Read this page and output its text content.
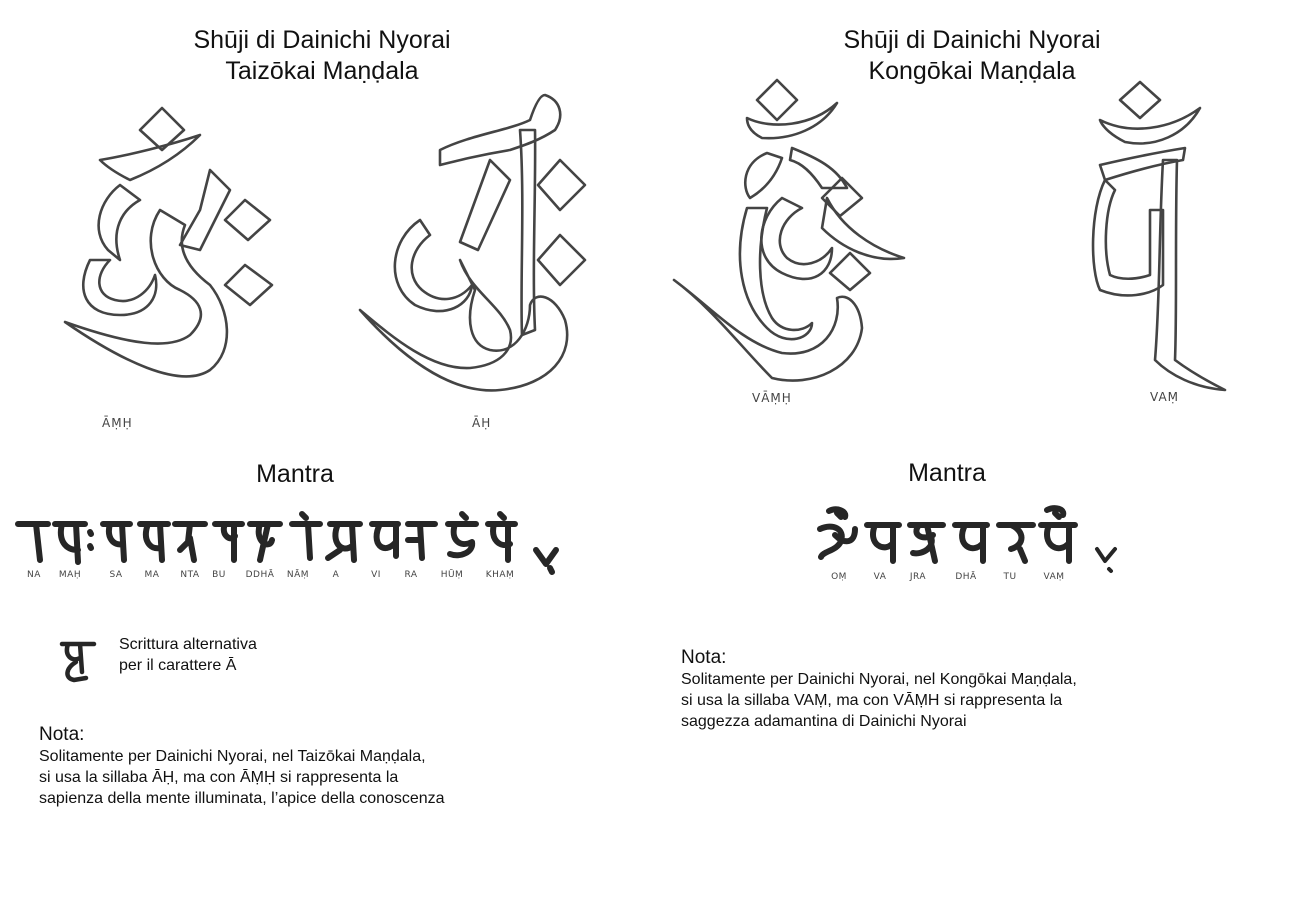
Shūji di Dainichi Nyorai
Taizōkai Maṇḍala
ĀṂḤ	ĀḤ
Mantra
NA	MAḤ	SA	MA	NTA	BU	DDHĀ	NĀṂ	A	VI	RA	HŪṂ	KHAṂ
Scrittura alternativa
per il carattere Ā
Nota:
Solitamente per Dainichi Nyorai, nel Taizōkai Maṇḍala,
si usa la sillaba ĀḤ, ma con ĀṂḤ si rappresenta la
sapienza della mente illuminata, l’apice della conoscenza
Shūji di Dainichi Nyorai
Kongōkai Maṇḍala
VĀṂḤ	VAṂ
Mantra
OṂ	VA	JRA	DHĀ	TU	VAṂ
Nota:
Solitamente per Dainichi Nyorai, nel Kongōkai Maṇḍala,
si usa la sillaba VAṂ, ma con VĀṂH si rappresenta la
saggezza adamantina di Dainichi Nyorai
